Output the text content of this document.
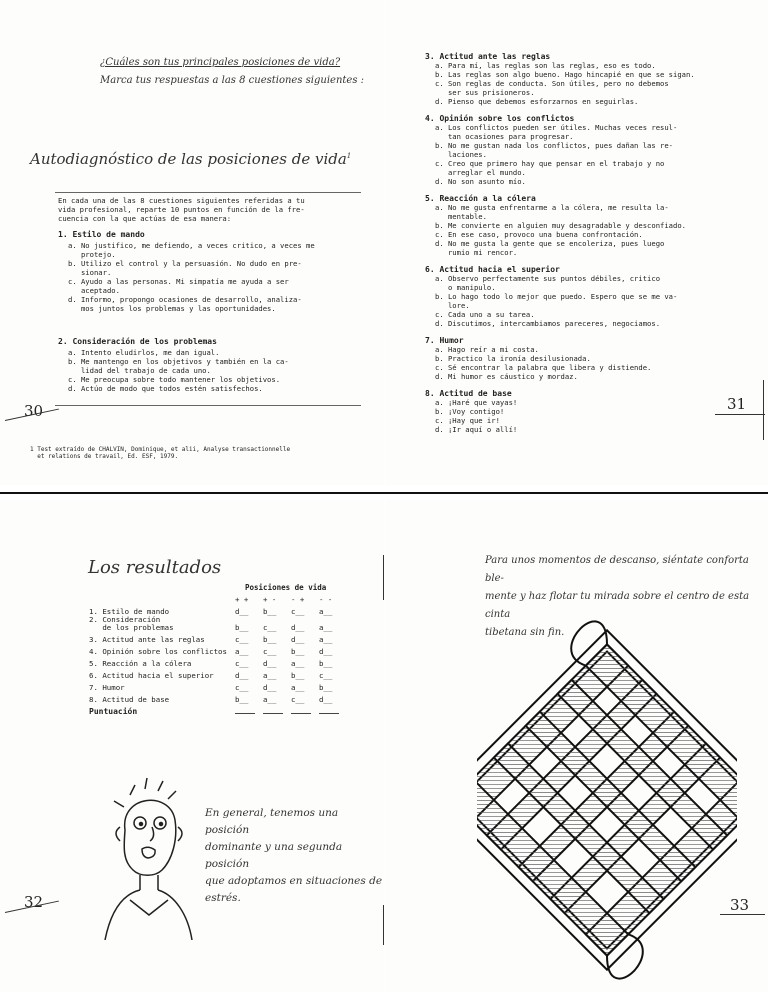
¿Cuáles son tus principales posiciones de vida?
Marca tus respuestas a las 8 cuestiones siguientes :
Autodiagnóstico de las posiciones de vida$^1$
En cada una de las 8 cuestiones siguientes referidas a tu
vida profesional, reparte 10 puntos en función de la fre-
cuencia con la que actúas de esa manera:
1. Estilo de mando
a. No justifico, me defiendo, a veces critico, a veces me
protejo.
b. Utilizo el control y la persuasión. No dudo en pre-
sionar.
c. Ayudo a las personas. Mi simpatía me ayuda a ser
aceptado.
d. Informo, propongo ocasiones de desarrollo, analiza-
mos juntos los problemas y las oportunidades.
2. Consideración de los problemas
a. Intento eludirlos, me dan igual.
b. Me mantengo en los objetivos y también en la ca-
lidad del trabajo de cada uno.
c. Me preocupa sobre todo mantener los objetivos.
d. Actúo de modo que todos estén satisfechos.
30
1 Test extraído de CHALVIN, Dominique, et alii, Analyse transactionnelle
et relations de travail, Ed. ESF, 1979.
3. Actitud ante las reglas
a. Para mí, las reglas son las reglas, eso es todo.
b. Las reglas son algo bueno. Hago hincapié en que se sigan.
c. Son reglas de conducta. Son útiles, pero no debemos
ser sus prisioneros.
d. Pienso que debemos esforzarnos en seguirlas.
4. Opinión sobre los conflictos
a. Los conflictos pueden ser útiles. Muchas veces resul-
tan ocasiones para progresar.
b. No me gustan nada los conflictos, pues dañan las re-
laciones.
c. Creo que primero hay que pensar en el trabajo y no
arreglar el mundo.
d. No son asunto mío.
5. Reacción a la cólera
a. No me gusta enfrentarme a la cólera, me resulta la-
mentable.
b. Me convierte en alguien muy desagradable y desconfiado.
c. En ese caso, provoco una buena confrontación.
d. No me gusta la gente que se encoleriza, pues luego
rumio mi rencor.
6. Actitud hacia el superior
a. Observo perfectamente sus puntos débiles, critico
o manipulo.
b. Lo hago todo lo mejor que puedo. Espero que se me va-
lore.
c. Cada uno a su tarea.
d. Discutimos, intercambiamos pareceres, negociamos.
7. Humor
a. Hago reír a mi costa.
b. Practico la ironía desilusionada.
c. Sé encontrar la palabra que libera y distiende.
d. Mi humor es cáustico y mordaz.
8. Actitud de base
a. ¡Haré que vayas!
b. ¡Voy contigo!
c. ¡Hay que ir!
d. ¡Ir aquí o allí!
31
Los resultados
Posiciones de vida
	+ +	+ -	- +	- -
1. Estilo de mando	d__	b__	c__	a__
2. Consideración
de los problemas	b__	c__	d__	a__
3. Actitud ante las reglas	c__	b__	d__	a__
4. Opinión sobre los conflictos	a__	c__	b__	d__
5. Reacción a la cólera	c__	d__	a__	b__
6. Actitud hacia el superior	d__	a__	b__	c__
7. Humor	c__	d__	a__	b__
8. Actitud de base	b__	a__	c__	d__
Puntuación				
En general, tenemos una posición
dominante y una segunda posición
que adoptamos en situaciones de
estrés.
32
Para unos momentos de descanso, siéntate conforta ble-
mente y haz flotar tu mirada sobre el centro de esta cinta
tibetana sin fin.
33
